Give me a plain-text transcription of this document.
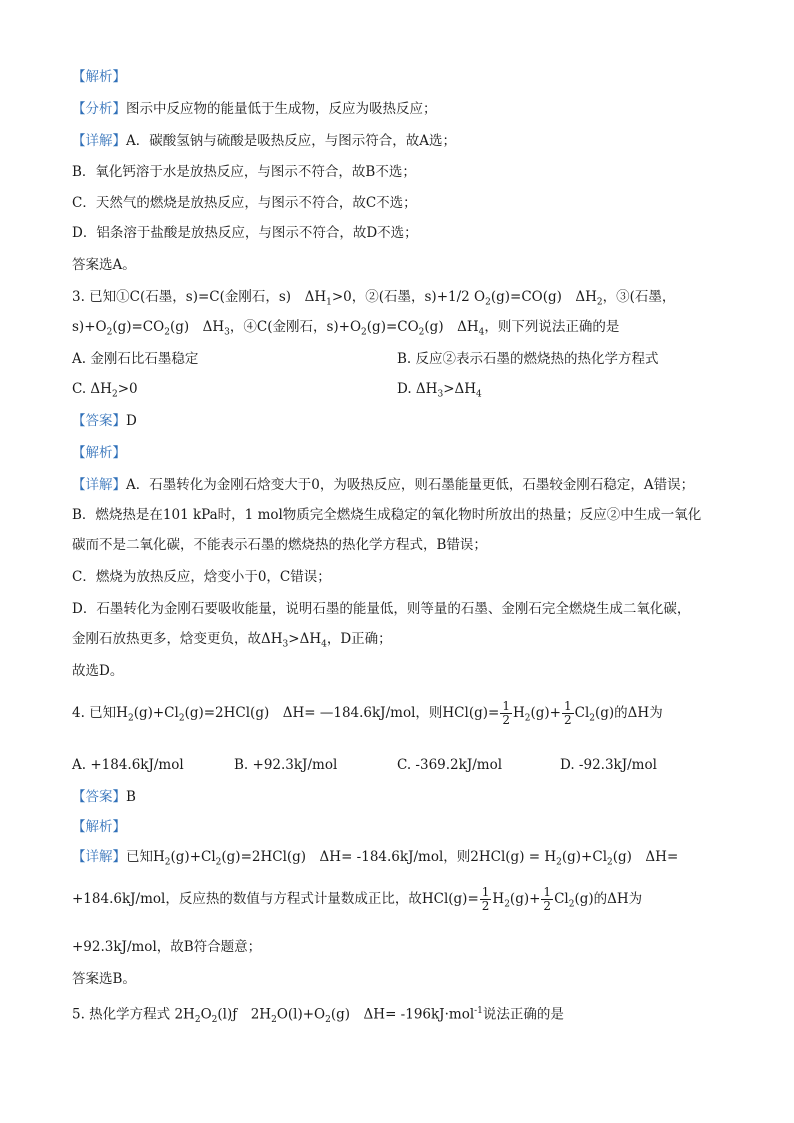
【解析】
【分析】图示中反应物的能量低于生成物，反应为吸热反应；
【详解】A．碳酸氢钠与硫酸是吸热反应，与图示符合，故A选；
B．氧化钙溶于水是放热反应，与图示不符合，故B不选；
C．天然气的燃烧是放热反应，与图示不符合，故C不选；
D．铝条溶于盐酸是放热反应，与图示不符合，故D不选；
答案选A。
3. 已知①C(石墨，s)=C(金刚石，s)　$\Delta H_1>0$，②(石墨，s)+1/2 $O_2(g)=CO(g)$　$\Delta H_2$，③(石墨，
$s)+O_2(g)=CO_2(g)$　$\Delta H_3$，④C(金刚石，$s)+O_2(g)=CO_2(g)$　$\Delta H_4$，则下列说法正确的是
A. 金刚石比石墨稳定	B. 反应②表示石墨的燃烧热的热化学方程式
C. $\Delta H_2>0$	D. $\Delta H_3>\Delta H_4$
【答案】D
【解析】
【详解】A．石墨转化为金刚石焓变大于0，为吸热反应，则石墨能量更低，石墨较金刚石稳定，A错误；
B．燃烧热是在101 kPa时，1 mol物质完全燃烧生成稳定的氧化物时所放出的热量；反应②中生成一氧化
碳而不是二氧化碳，不能表示石墨的燃烧热的热化学方程式，B错误；
C．燃烧为放热反应，焓变小于0，C错误；
D．石墨转化为金刚石要吸收能量，说明石墨的能量低，则等量的石墨、金刚石完全燃烧生成二氧化碳，
金刚石放热更多，焓变更负，故$\Delta H_3>\Delta H_4$，D正确；
故选D。
4. 已知$H_2(g)+Cl_2(g)=2HCl(g)$　ΔH= —184.6kJ/mol，则$HCl(g)= \frac{1}{2} H_2(g)+ \frac{1}{2} Cl_2(g)$的ΔH为
A. +184.6kJ/mol	B. +92.3kJ/mol	C. -369.2kJ/mol	D. -92.3kJ/mol
【答案】B
【解析】
【详解】已知$H_2(g)+Cl_2(g)=2HCl(g)$　ΔH= -184.6kJ/mol，则$2HCl(g) = H_2(g)+Cl_2(g)$　ΔH=
+184.6kJ/mol，反应热的数值与方程式计量数成正比，故$HCl(g)= \frac{1}{2} H_2(g)+ \frac{1}{2} Cl_2(g)$的ΔH为
+92.3kJ/mol，故B符合题意；
答案选B。
5. 热化学方程式 $2H_2O_2(l)ƒ$　$2H_2O(l)+O_2(g)$　ΔH= -196kJ·mol$^{-1}$说法正确的是
